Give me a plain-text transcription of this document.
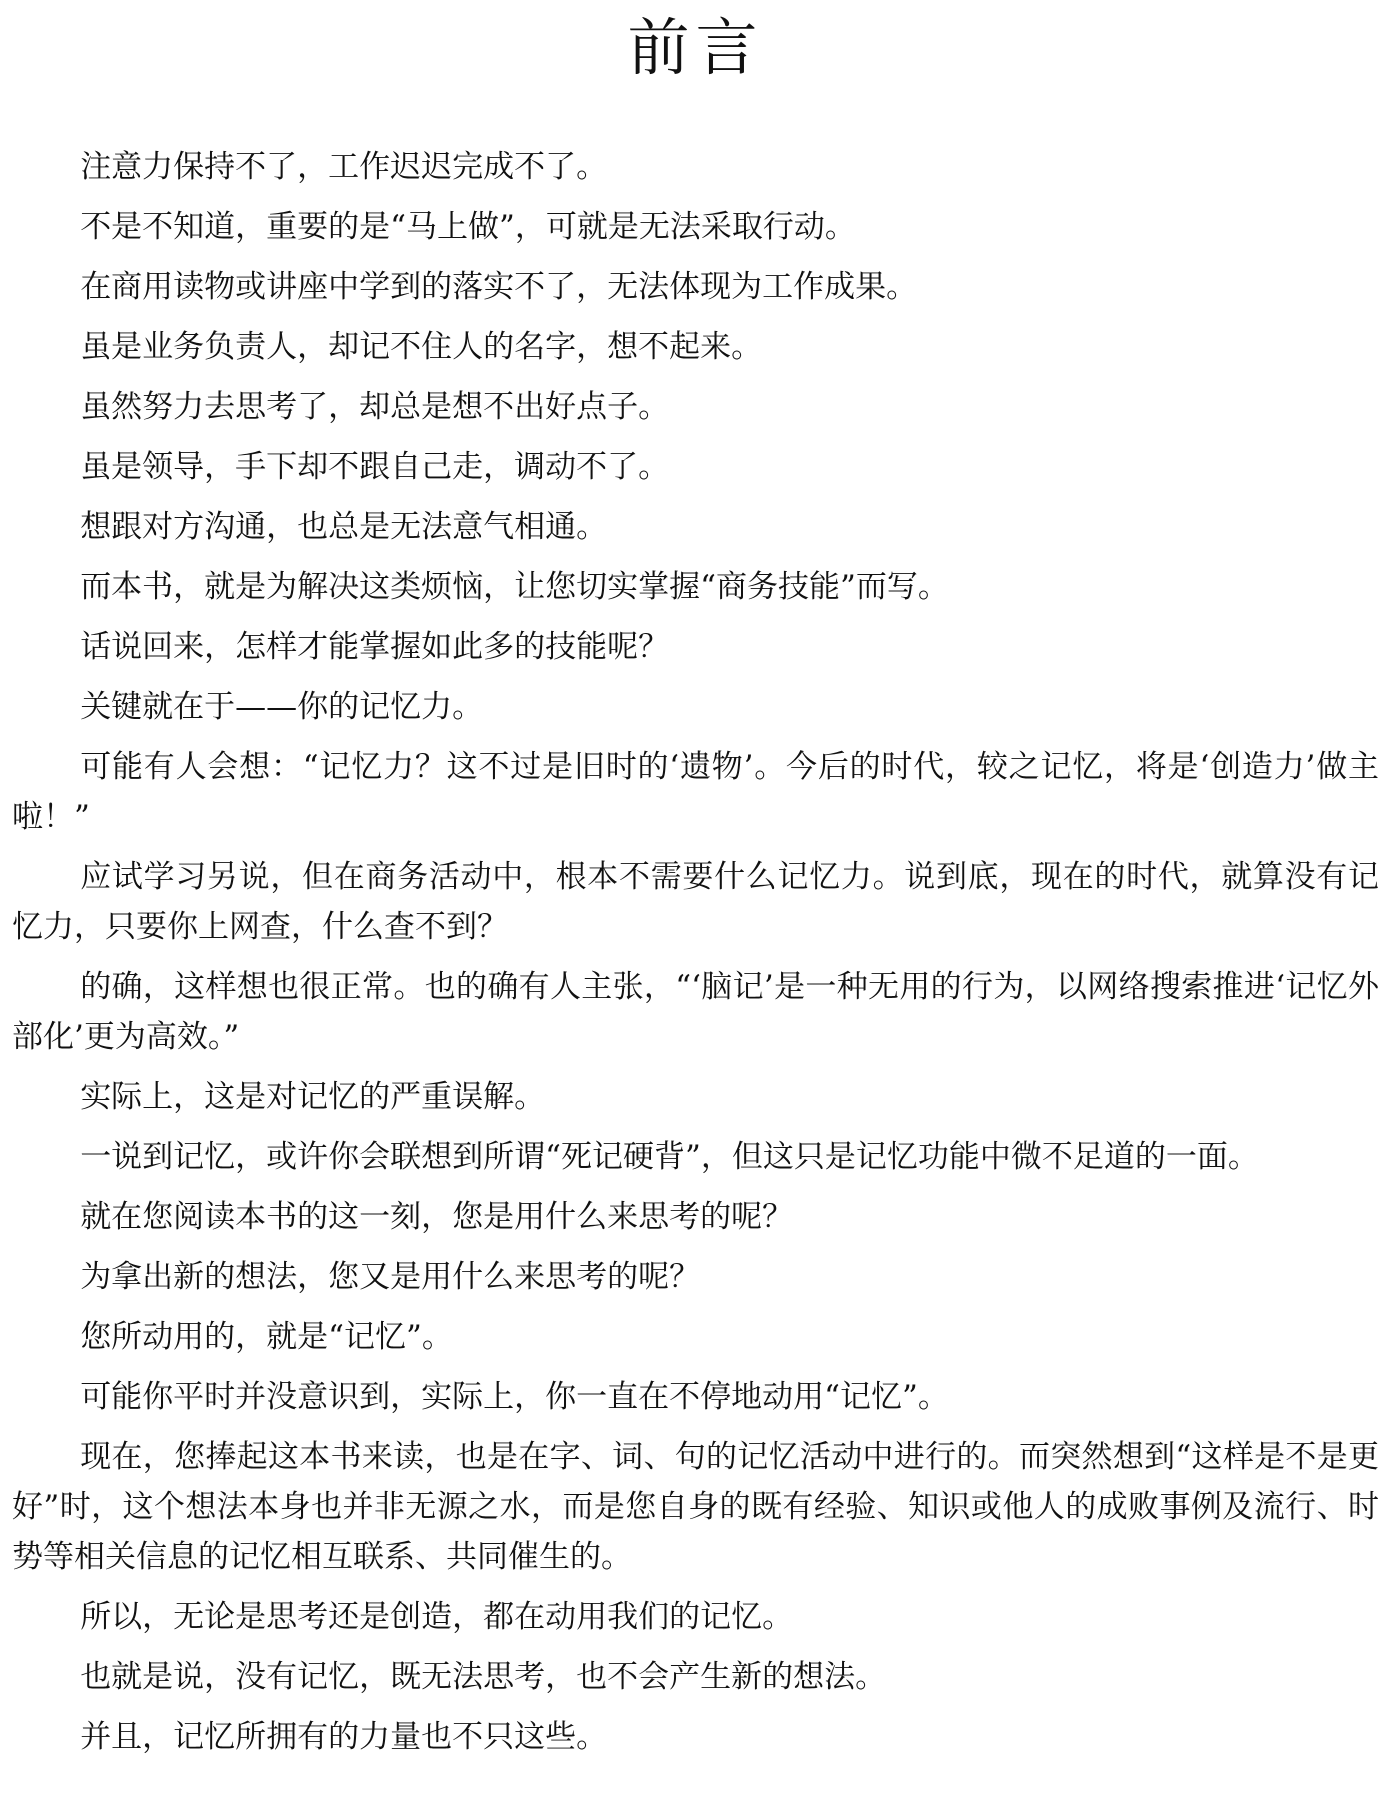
前言

注意力保持不了，工作迟迟完成不了。

不是不知道，重要的是“马上做”，可就是无法采取行动。

在商用读物或讲座中学到的落实不了，无法体现为工作成果。

虽是业务负责人，却记不住人的名字，想不起来。

虽然努力去思考了，却总是想不出好点子。

虽是领导，手下却不跟自己走，调动不了。

想跟对方沟通，也总是无法意气相通。

而本书，就是为解决这类烦恼，让您切实掌握“商务技能”而写。

话说回来，怎样才能掌握如此多的技能呢？

关键就在于——你的记忆力。

可能有人会想：“记忆力？这不过是旧时的‘遗物’。今后的时代，较之记忆，将是‘创造力’做主啦！”

应试学习另说，但在商务活动中，根本不需要什么记忆力。说到底，现在的时代，就算没有记忆力，只要你上网查，什么查不到？

的确，这样想也很正常。也的确有人主张，“‘脑记’是一种无用的行为，以网络搜索推进‘记忆外部化’更为高效。”

实际上，这是对记忆的严重误解。

一说到记忆，或许你会联想到所谓“死记硬背”，但这只是记忆功能中微不足道的一面。

就在您阅读本书的这一刻，您是用什么来思考的呢？

为拿出新的想法，您又是用什么来思考的呢？

您所动用的，就是“记忆”。

可能你平时并没意识到，实际上，你一直在不停地动用“记忆”。

现在，您捧起这本书来读，也是在字、词、句的记忆活动中进行的。而突然想到“这样是不是更好”时，这个想法本身也并非无源之水，而是您自身的既有经验、知识或他人的成败事例及流行、时势等相关信息的记忆相互联系、共同催生的。

所以，无论是思考还是创造，都在动用我们的记忆。

也就是说，没有记忆，既无法思考，也不会产生新的想法。

并且，记忆所拥有的力量也不只这些。
